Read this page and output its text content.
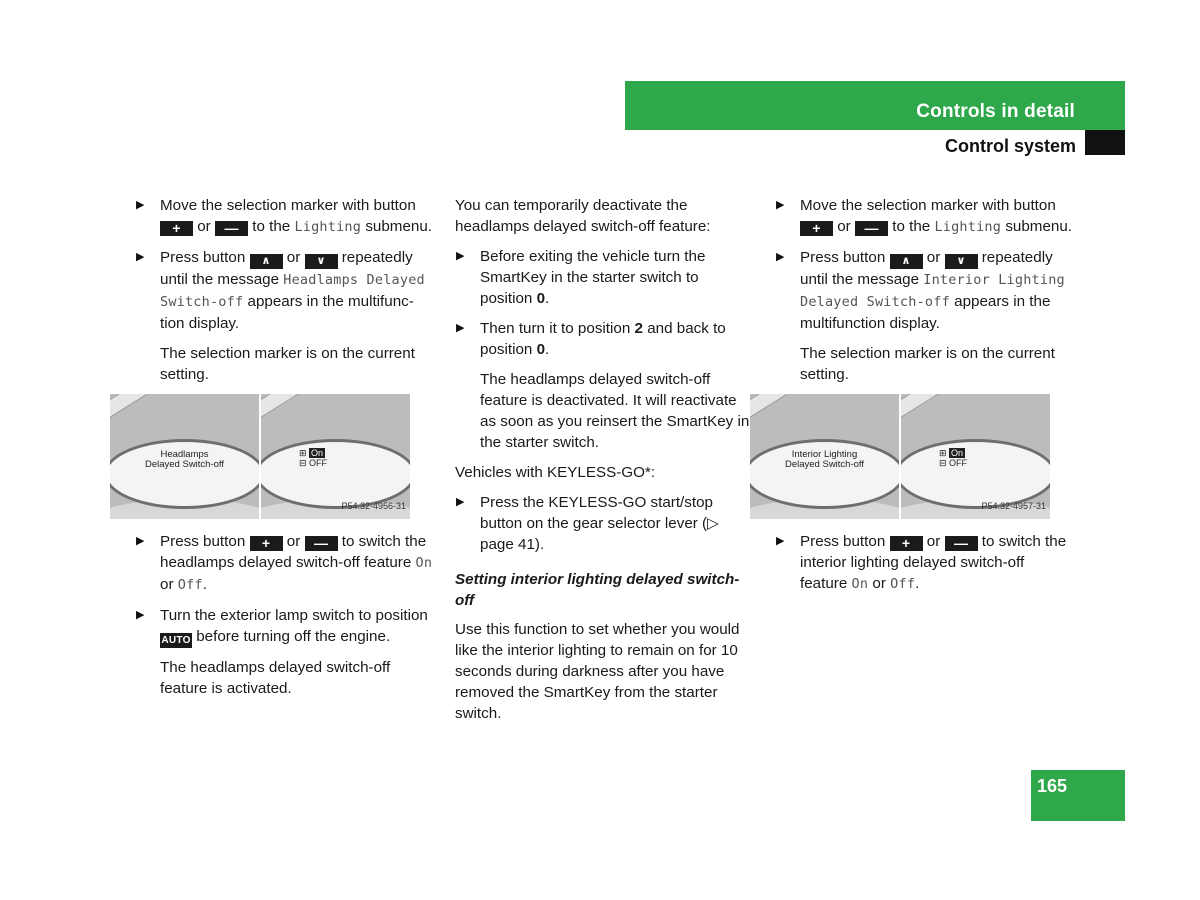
Controls in detail
Control system

▶ Move the selection marker with button + or — to the Lighting submenu.

▶ Press button ∧ or ∨ repeatedly until the message Headlamps Delayed Switch-off appears in the multifunc-tion display.

The selection marker is on the current setting.

Headlamps
Delayed Switch-off
⊞ On
⊟ OFF
P54.32-4956-31

▶ Press button + or — to switch the headlamps delayed switch-off feature On or Off.

▶ Turn the exterior lamp switch to position AUTO before turning off the engine.

The headlamps delayed switch-off feature is activated.

You can temporarily deactivate the headlamps delayed switch-off feature:

▶ Before exiting the vehicle turn the SmartKey in the starter switch to position 0.

▶ Then turn it to position 2 and back to position 0.

The headlamps delayed switch-off feature is deactivated. It will reactivate as soon as you reinsert the SmartKey in the starter switch.

Vehicles with KEYLESS-GO*:

▶ Press the KEYLESS-GO start/stop button on the gear selector lever (▷ page 41).

Setting interior lighting delayed switch-off

Use this function to set whether you would like the interior lighting to remain on for 10 seconds during darkness after you have removed the SmartKey from the starter switch.

▶ Move the selection marker with button + or — to the Lighting submenu.

▶ Press button ∧ or ∨ repeatedly until the message Interior Lighting Delayed Switch-off appears in the multifunction display.

The selection marker is on the current setting.

Interior Lighting
Delayed Switch-off
⊞ On
⊟ OFF
P54.32-4957-31

▶ Press button + or — to switch the interior lighting delayed switch-off feature On or Off.

165
